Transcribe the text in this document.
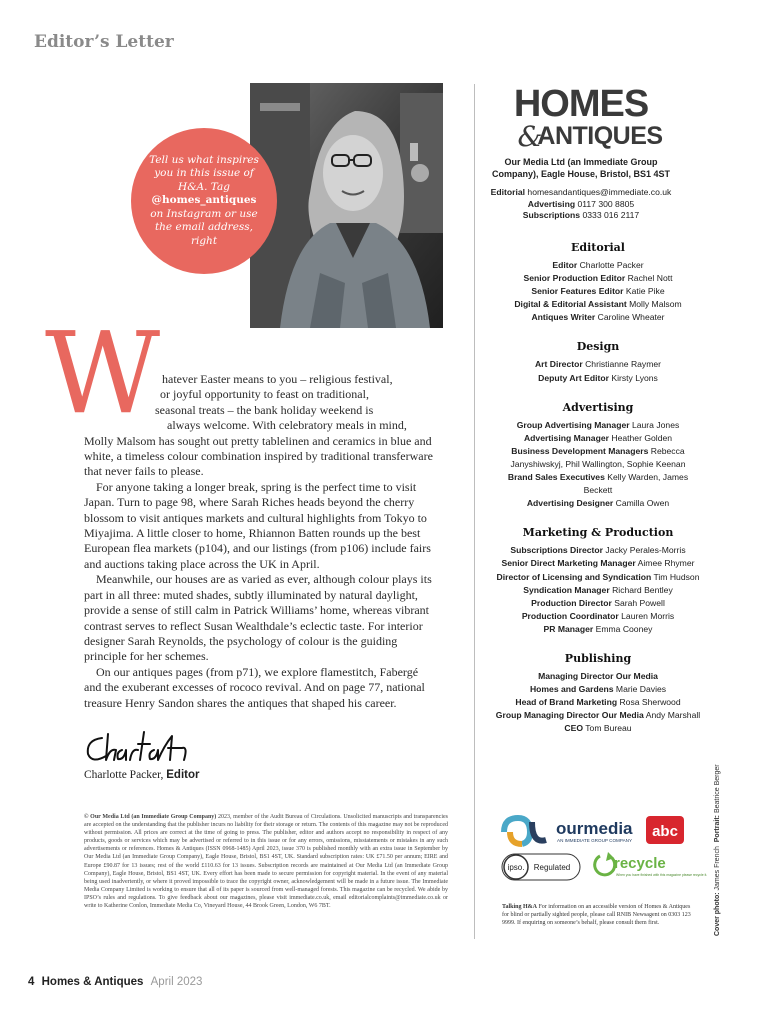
Editor’s Letter
Tell us what inspires you in this issue of H&A. Tag @homes_antiques on Instagram or use the email address, right
W hatever Easter means to you – religious festival,
or joyful opportunity to feast on traditional,
seasonal treats – the bank holiday weekend is
always welcome. With celebratory meals in mind,
Molly Malsom has sought out pretty tablelinen and ceramics in blue and white, a timeless colour combination inspired by traditional transferware that never fails to please.

For anyone taking a longer break, spring is the perfect time to visit Japan. Turn to page 98, where Sarah Riches heads beyond the cherry blossom to visit antiques markets and cultural highlights from Tokyo to Miyajima. A little closer to home, Rhiannon Batten rounds up the best European flea markets (p104), and our listings (from p106) include fairs and auctions taking place across the UK in April.

Meanwhile, our houses are as varied as ever, although colour plays its part in all three: muted shades, subtly illuminated by natural daylight, provide a sense of still calm in Patrick Williams’ home, whereas vibrant contrast serves to reflect Susan Wealthdale’s eclectic taste. For interior designer Sarah Reynolds, the psychology of colour is the guiding principle for her schemes.

On our antiques pages (from p71), we explore flamestitch, Fabergé and the exuberant excesses of rococo revival. And on page 77, national treasure Henry Sandon shares the antiques that shaped his career.

Charlotte Packer, Editor
© Our Media Ltd (an Immediate Group Company) 2023, member of the Audit Bureau of Circulations. Unsolicited manuscripts and transparencies are accepted on the understanding that the publisher incurs no liability for their storage or return. The contents of this magazine may not be reproduced without permission. All prices are correct at the time of going to press. The publisher, editor and authors accept no responsibility in respect of any products, goods or services which may be advertised or referred to in this issue or for any errors, omissions, misstatements or mistakes in any such advertisements or references. Homes & Antiques (ISSN 0968-1485) April 2023, issue 370 is published monthly with an extra issue in September by Our Media Ltd (an Immediate Group Company), Eagle House, Bristol, BS1 4ST, UK. Standard subscription rates: UK £71.50 per annum; EIRE and Europe £90.87 for 13 issues; rest of the world £110.63 for 13 issues. Subscription records are maintained at Our Media Ltd (an Immediate Group Company), Eagle House, Bristol, BS1 4ST, UK. Every effort has been made to secure permission for copyright material. In the event of any material being used inadvertently, or where it proved impossible to trace the copyright owner, acknowledgement will be made in a future issue. The Immediate Media Company Limited is working to ensure that all of its paper is sourced from well-managed forests. This magazine can be recycled. We abide by IPSO’s rules and regulations. To give feedback about our magazines, please visit immediate.co.uk, email editorialcomplaints@immediate.co.uk or write to Katherine Conlon, Immediate Media Co, Vineyard House, 44 Brook Green, London, W6 7BT.
HOMES
&
ANTIQUES
Our Media Ltd (an Immediate Group
Company), Eagle House, Bristol, BS1 4ST
Editorial homesandantiques@immediate.co.uk
Advertising 0117 300 8805
Subscriptions 0333 016 2117
Editorial
Editor Charlotte Packer
Senior Production Editor Rachel Nott
Senior Features Editor Katie Pike
Digital & Editorial Assistant Molly Malsom
Antiques Writer Caroline Wheater
Design
Art Director Christianne Raymer
Deputy Art Editor Kirsty Lyons
Advertising
Group Advertising Manager Laura Jones
Advertising Manager Heather Golden
Business Development Managers Rebecca Janyshiwskyj, Phil Wallington, Sophie Keenan
Brand Sales Executives Kelly Warden, James Beckett
Advertising Designer Camilla Owen
Marketing & Production
Subscriptions Director Jacky Perales-Morris
Senior Direct Marketing Manager Aimee Rhymer
Director of Licensing and Syndication Tim Hudson
Syndication Manager Richard Bentley
Production Director Sarah Powell
Production Coordinator Lauren Morris
PR Manager Emma Cooney
Publishing
Managing Director Our Media
Homes and Gardens Marie Davies
Head of Brand Marketing Rosa Sherwood
Group Managing Director Our Media Andy Marshall
CEO Tom Bureau
ourmedia
AN IMMEDIATE GROUP COMPANY
abc
ipso. Regulated	recycle
When you have finished with this magazine please recycle it.
Talking H&A For information on an accessible version of Homes & Antiques for blind or partially sighted people, please call RNIB Newsagent on 0303 123 9999. If enquiring on someone’s behalf, please consult them first.	Cover photo: James French  Portrait: Beatrice Berger
4 Homes & Antiques April 2023
